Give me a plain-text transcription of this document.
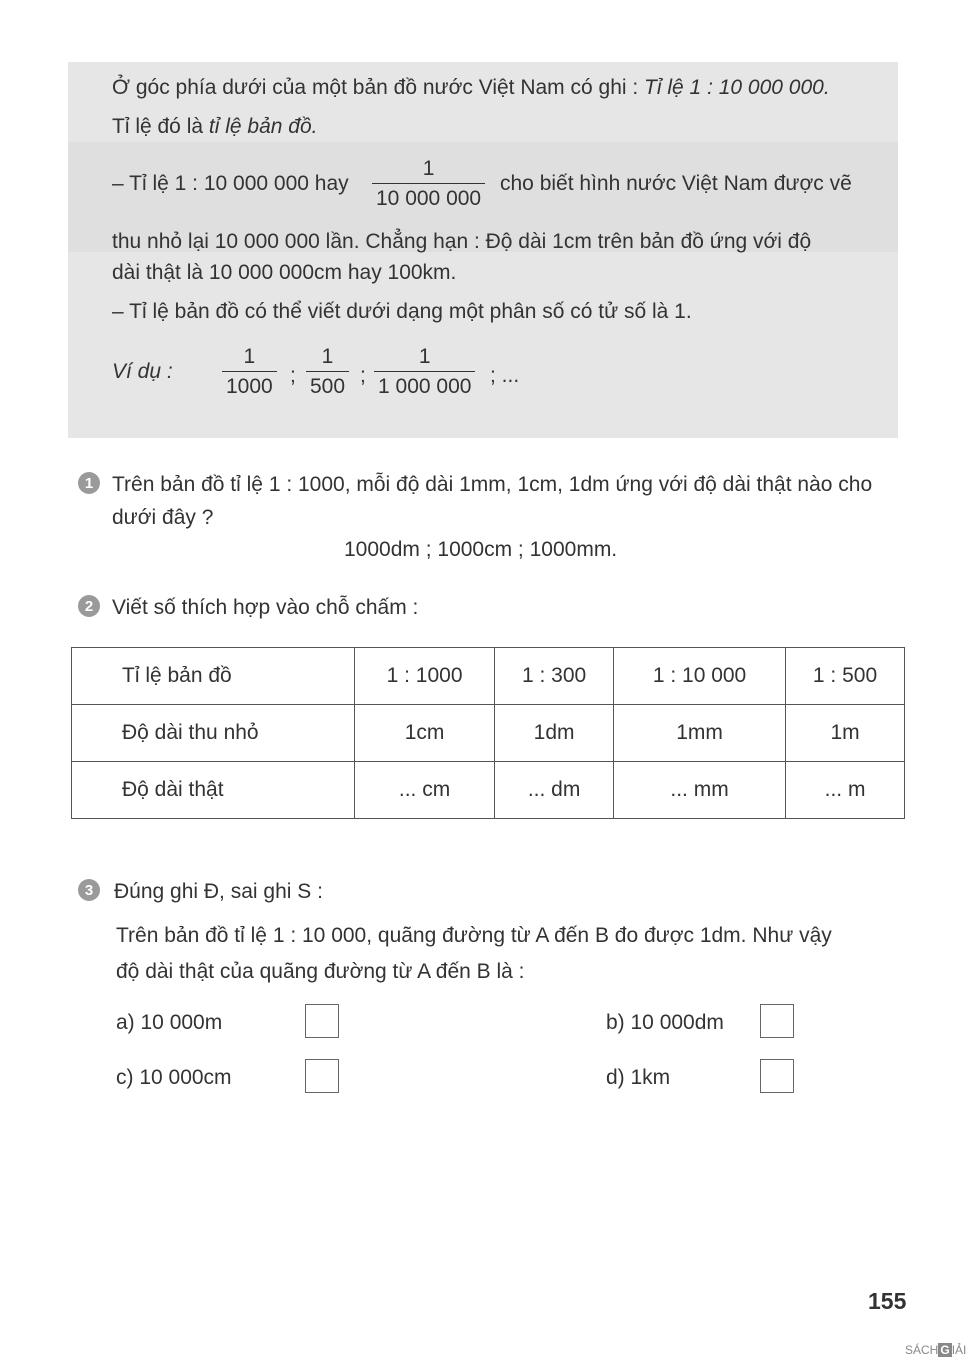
Ở góc phía dưới của một bản đồ nước Việt Nam có ghi : Tỉ lệ 1 : 10 000 000.
Tỉ lệ đó là tỉ lệ bản đồ.
– Tỉ lệ 1 : 10 000 000 hay $\frac{1}{10 000 000}$ cho biết hình nước Việt Nam được vẽ
thu nhỏ lại 10 000 000 lần. Chẳng hạn : Độ dài 1cm trên bản đồ ứng với độ
dài thật là 10 000 000cm hay 100km.
– Tỉ lệ bản đồ có thể viết dưới dạng một phân số có tử số là 1.
Ví dụ : $\frac{1}{1000}$ ; $\frac{1}{500}$ ; $\frac{1}{1 000 000}$ ; ...
1 Trên bản đồ tỉ lệ 1 : 1000, mỗi độ dài 1mm, 1cm, 1dm ứng với độ dài thật nào cho
dưới đây ?
1000dm ; 1000cm ; 1000mm.
2 Viết số thích hợp vào chỗ chấm :
Tỉ lệ bản đồ	1 : 1000	1 : 300	1 : 10 000	1 : 500
Độ dài thu nhỏ	1cm	1dm	1mm	1m
Độ dài thật	... cm	... dm	... mm	... m
3 Đúng ghi Đ, sai ghi S :
Trên bản đồ tỉ lệ 1 : 10 000, quãng đường từ A đến B đo được 1dm. Như vậy
độ dài thật của quãng đường từ A đến B là :
a) 10 000m	b) 10 000dm
c) 10 000cm	d) 1km
155
SÁCH G IẢI
